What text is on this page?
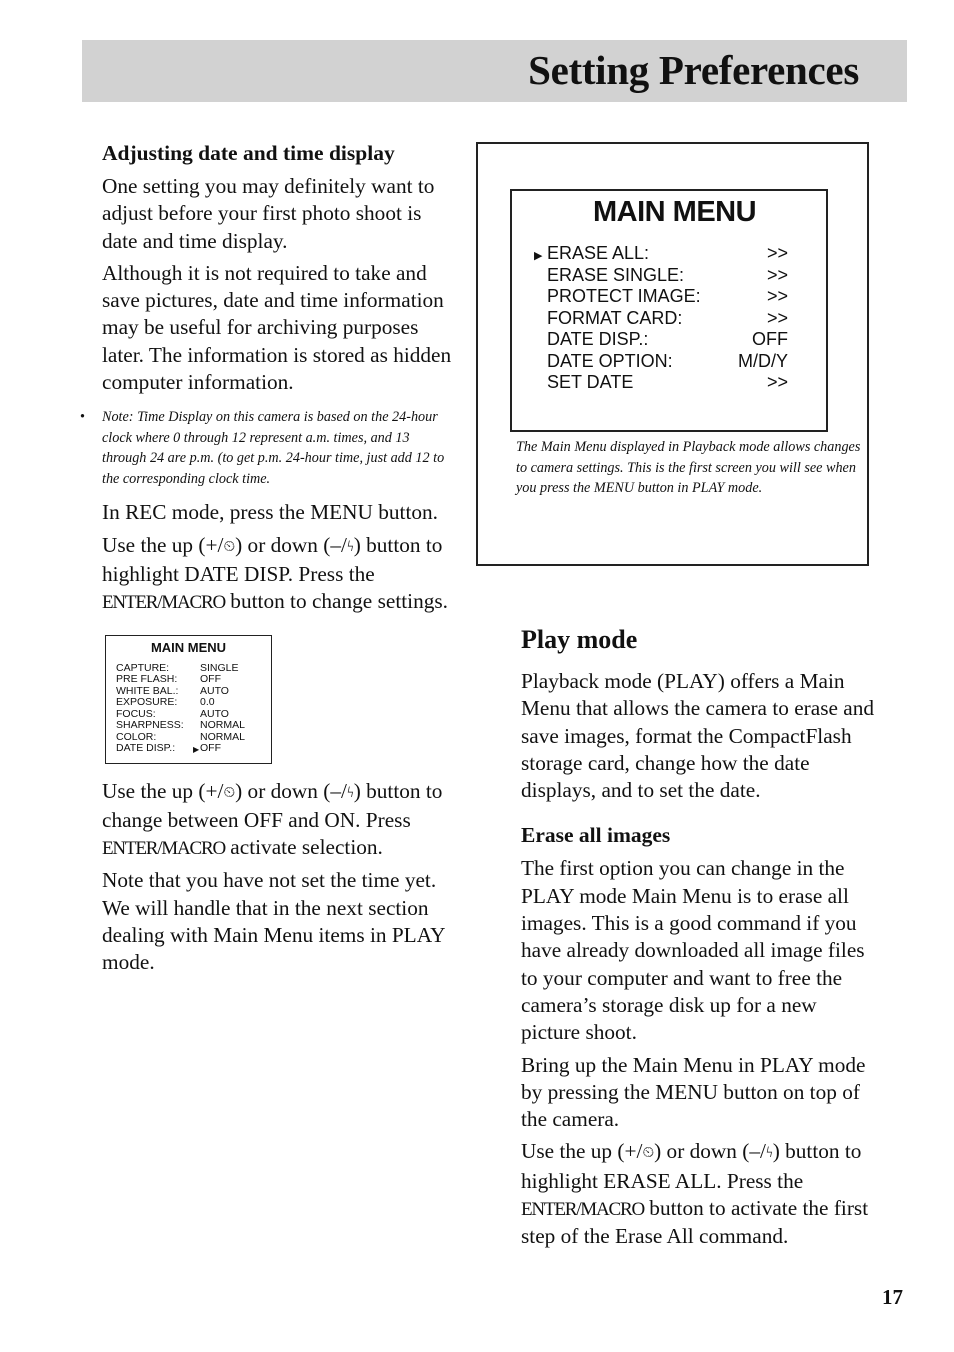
Setting Preferences
Adjusting date and time display

One setting you may definitely want to adjust before your first photo shoot is date and time display.

Although it is not required to take and save pictures, date and time information may be useful for archiving purposes later. The information is stored as hidden computer information.

• Note: Time Display on this camera is based on the 24-hour clock where 0 through 12 represent a.m. times, and 13 through 24 are p.m. (to get p.m. 24-hour time, just add 12 to the corresponding clock time.

In REC mode, press the MENU button.

Use the up (+/⏲) or down (–/ϟ) button to highlight DATE DISP. Press the ENTER/MACRO button to change settings.

MAIN MENU
CAPTURE:	SINGLE
PRE FLASH: OFF
WHITE BAL.: AUTO
EXPOSURE: 0.0
FOCUS:	AUTO
SHARPNESS: NORMAL
COLOR:	NORMAL
DATE DISP.: ▶ OFF

Use the up (+/⏲) or down (–/ϟ) button to change between OFF and ON. Press ENTER/MACRO activate selection.

Note that you have not set the time yet. We will handle that in the next section dealing with Main Menu items in PLAY mode.

MAIN MENU
▶ ERASE ALL:	>>
ERASE SINGLE:	>>
PROTECT IMAGE:	>>
FORMAT CARD:	>>
DATE DISP.:	OFF
DATE OPTION:	M/D/Y
SET DATE	>>

The Main Menu displayed in Playback mode allows changes to camera settings. This is the first screen you will see when you press the MENU button in PLAY mode.

Play mode

Playback mode (PLAY) offers a Main Menu that allows the camera to erase and save images, format the CompactFlash storage card, change how the date displays, and to set the date.

Erase all images

The first option you can change in the PLAY mode Main Menu is to erase all images. This is a good command if you have already downloaded all image files to your computer and want to free the camera’s storage disk up for a new picture shoot.

Bring up the Main Menu in PLAY mode by pressing the MENU button on top of the camera.

Use the up (+/⏲) or down (–/ϟ) button to highlight ERASE ALL. Press the ENTER/MACRO button to activate the first step of the Erase All command.

17
